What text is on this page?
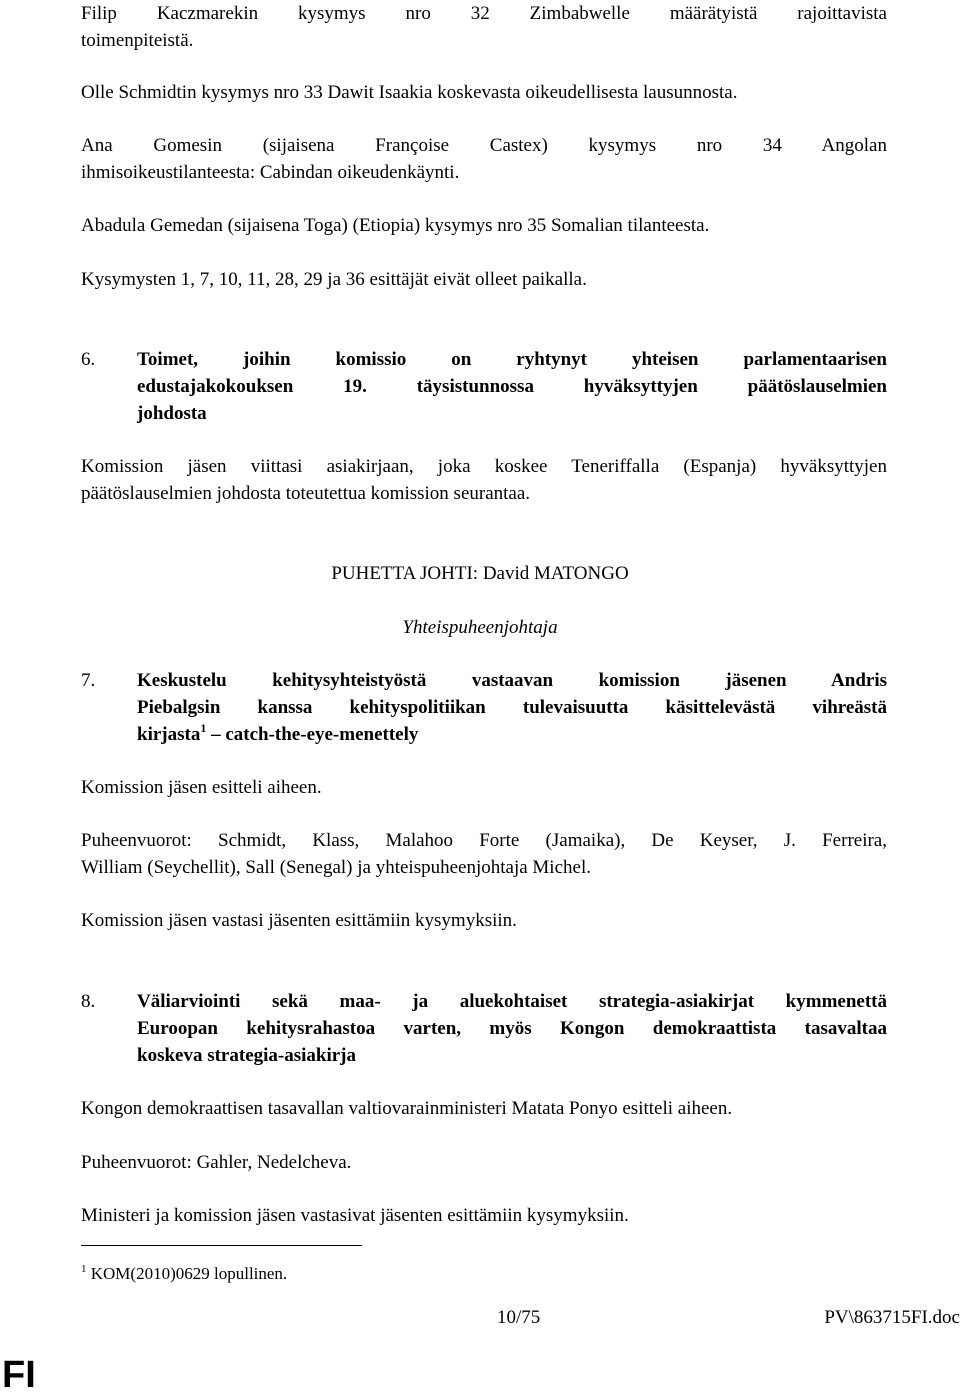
Filip Kaczmarekin kysymys nro 32 Zimbabwelle määrätyistä rajoittavista
toimenpiteistä.

Olle Schmidtin kysymys nro 33 Dawit Isaakia koskevasta oikeudellisesta lausunnosta.

Ana Gomesin (sijaisena Françoise Castex) kysymys nro 34 Angolan
ihmisoikeustilanteesta: Cabindan oikeudenkäynti.

Abadula Gemedan (sijaisena Toga) (Etiopia) kysymys nro 35 Somalian tilanteesta.

Kysymysten 1, 7, 10, 11, 28, 29 ja 36 esittäjät eivät olleet paikalla.

6. Toimet, joihin komissio on ryhtynyt yhteisen parlamentaarisen
edustajakokouksen 19. täysistunnossa hyväksyttyjen päätöslauselmien
johdosta

Komission jäsen viittasi asiakirjaan, joka koskee Teneriffalla (Espanja) hyväksyttyjen
päätöslauselmien johdosta toteutettua komission seurantaa.

PUHETTA JOHTI: David MATONGO
Yhteispuheenjohtaja
7. Keskustelu kehitysyhteistyöstä vastaavan komission jäsenen Andris
Piebalgsin kanssa kehityspolitiikan tulevaisuutta käsittelevästä vihreästä
kirjasta$^1$ – catch-the-eye-menettely

Komission jäsen esitteli aiheen.

Puheenvuorot: Schmidt, Klass, Malahoo Forte (Jamaika), De Keyser, J. Ferreira,
William (Seychellit), Sall (Senegal) ja yhteispuheenjohtaja Michel.

Komission jäsen vastasi jäsenten esittämiin kysymyksiin.

8. Väliarviointi sekä maa- ja aluekohtaiset strategia-asiakirjat kymmenettä
Euroopan kehitysrahastoa varten, myös Kongon demokraattista tasavaltaa
koskeva strategia-asiakirja

Kongon demokraattisen tasavallan valtiovarainministeri Matata Ponyo esitteli aiheen.

Puheenvuorot: Gahler, Nedelcheva.

Ministeri ja komission jäsen vastasivat jäsenten esittämiin kysymyksiin.

$^1$ KOM(2010)0629 lopullinen.
10/75	PV\863715FI.doc
FI
